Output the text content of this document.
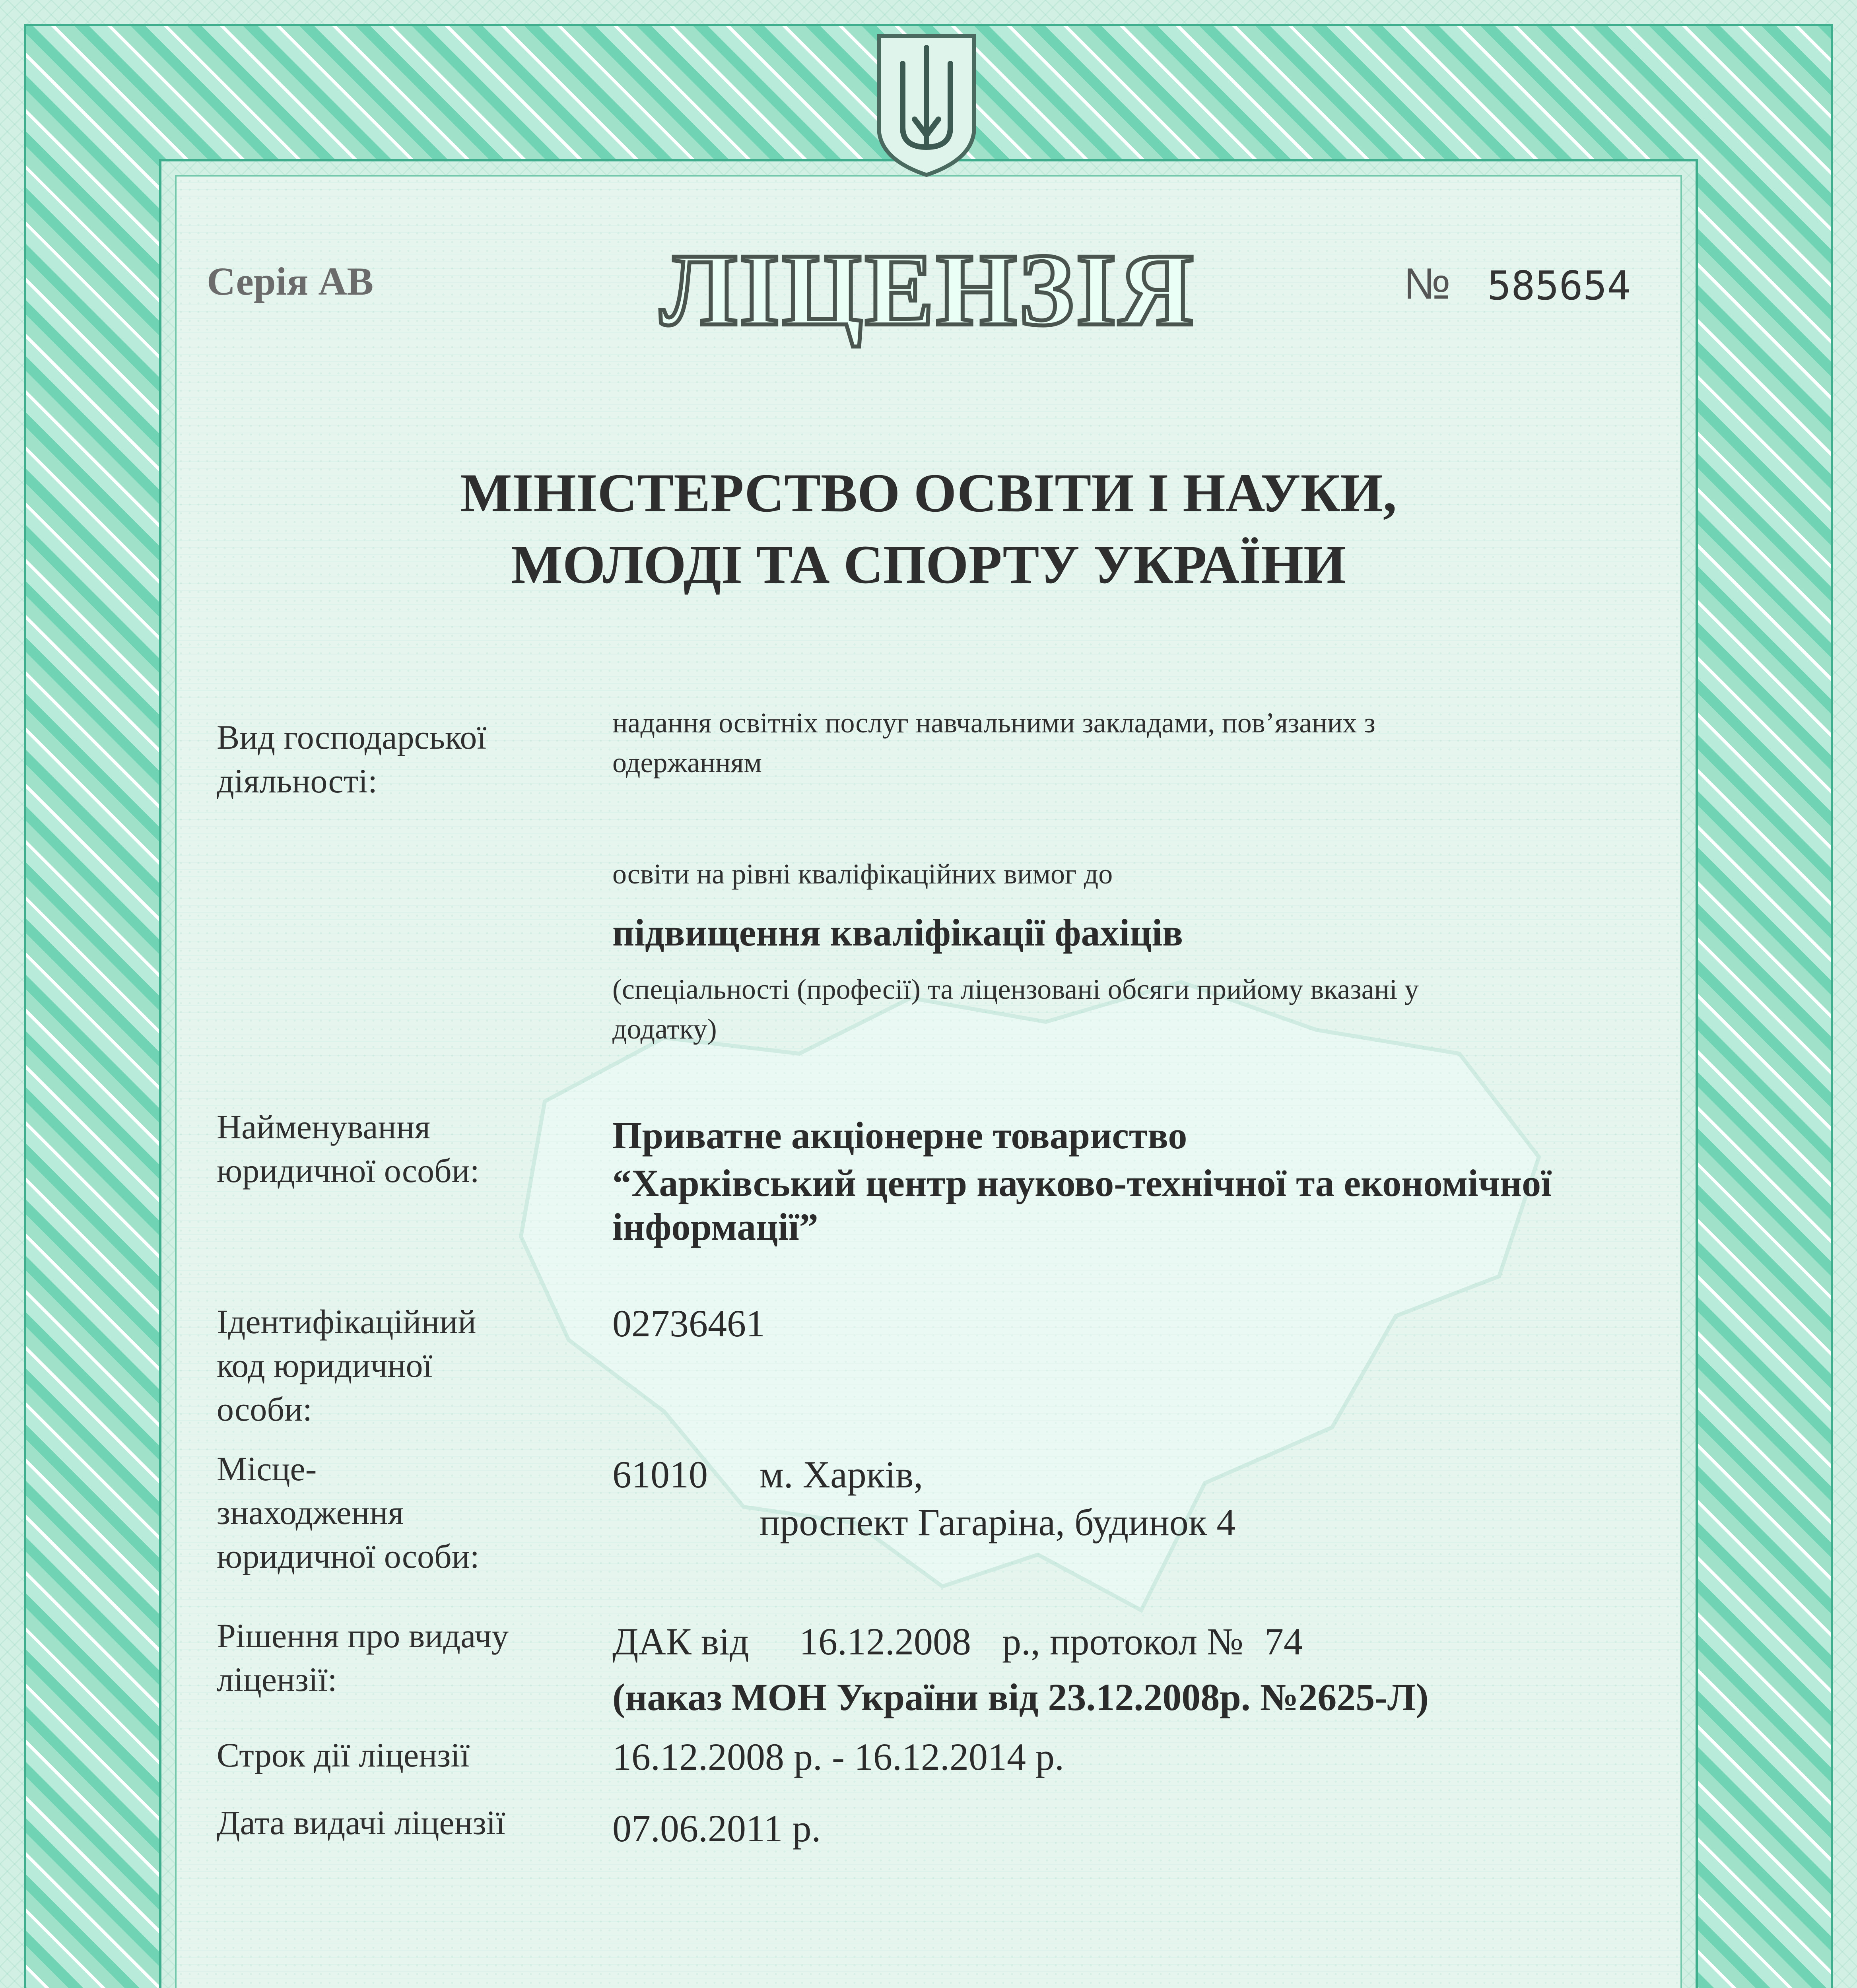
Серія АВ	ЛІЦЕНЗІЯ	№ 585654
МІНІСТЕРСТВО ОСВІТИ І НАУКИ,
МОЛОДІ ТА СПОРТУ УКРАЇНИ
Вид господарської
діяльності:
надання освітніх послуг навчальними закладами, пов’язаних з
одержанням
освіти на рівні кваліфікаційних вимог до
підвищення кваліфікації фахіців
(спеціальності (професії) та ліцензовані обсяги прийому вказані у
додатку)
Найменування
юридичної особи:
Приватне акціонерне товариство
“Харківський центр науково-технічної та економічної
інформації”
Ідентифікаційний
код юридичної
особи:
02736461
Місце-
знаходження
юридичної особи:
61010 м. Харків,
проспект Гагаріна, будинок 4
Рішення про видачу
ліцензії:
ДАК від 16.12.2008 р., протокол № 74
(наказ МОН України від 23.12.2008р. №2625-Л)
Строк дії ліцензії	16.12.2008 р. - 16.12.2014 р.
Дата видачі ліцензії	07.06.2011 р.
